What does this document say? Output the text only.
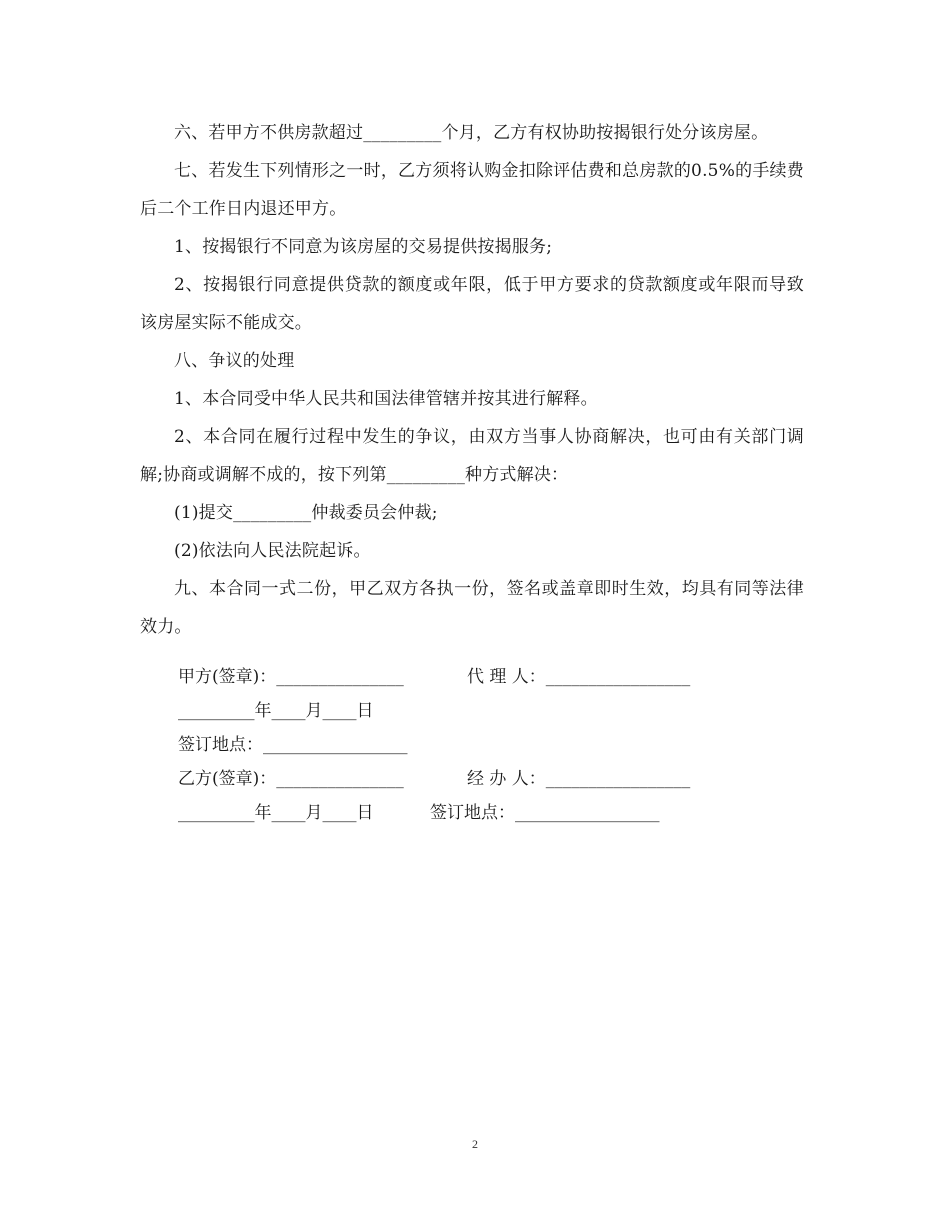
六、若甲方不供房款超过_________个月，乙方有权协助按揭银行处分该房屋。

七、若发生下列情形之一时，乙方须将认购金扣除评估费和总房款的0.5%的手续费后二个工作日内退还甲方。

1、按揭银行不同意为该房屋的交易提供按揭服务;

2、按揭银行同意提供贷款的额度或年限，低于甲方要求的贷款额度或年限而导致该房屋实际不能成交。

八、争议的处理

1、本合同受中华人民共和国法律管辖并按其进行解释。

2、本合同在履行过程中发生的争议，由双方当事人协商解决，也可由有关部门调解;协商或调解不成的，按下列第_________种方式解决：

(1)提交_________仲裁委员会仲裁;

(2)依法向人民法院起诉。

九、本合同一式二份，甲乙双方各执一份，签名或盖章即时生效，均具有同等法律效力。

甲方(签章)：_______________	代 理 人：_________________
_________年____月____日
签订地点：_________________
乙方(签章)：_______________	经 办 人：_________________
_________年____月____日	签订地点：_________________
2
